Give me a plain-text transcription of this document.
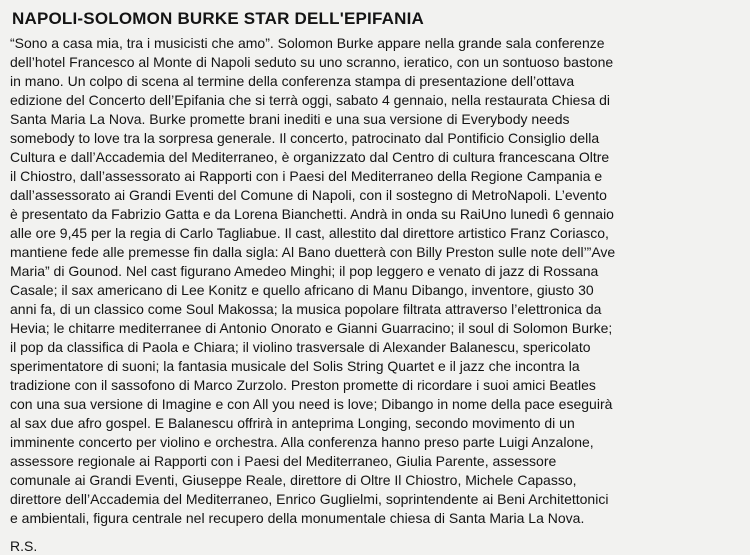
NAPOLI-SOLOMON BURKE STAR DELL'EPIFANIA
“Sono a casa mia, tra i musicisti che amo”. Solomon Burke appare nella grande sala conferenze
dell’hotel Francesco al Monte di Napoli seduto su uno scranno, ieratico, con un sontuoso bastone
in mano. Un colpo di scena al termine della conferenza stampa di presentazione dell’ottava
edizione del Concerto dell’Epifania che si terrà oggi, sabato 4 gennaio, nella restaurata Chiesa di
Santa Maria La Nova. Burke promette brani inediti e una sua versione di Everybody needs
somebody to love tra la sorpresa generale. Il concerto, patrocinato dal Pontificio Consiglio della
Cultura e dall’Accademia del Mediterraneo, è organizzato dal Centro di cultura francescana Oltre
il Chiostro, dall’assessorato ai Rapporti con i Paesi del Mediterraneo della Regione Campania e
dall’assessorato ai Grandi Eventi del Comune di Napoli, con il sostegno di MetroNapoli. L’evento
è presentato da Fabrizio Gatta e da Lorena Bianchetti. Andrà in onda su RaiUno lunedì 6 gennaio
alle ore 9,45 per la regia di Carlo Tagliabue. Il cast, allestito dal direttore artistico Franz Coriasco,
mantiene fede alle premesse fin dalla sigla: Al Bano duetterà con Billy Preston sulle note dell’”Ave
Maria” di Gounod. Nel cast figurano Amedeo Minghi; il pop leggero e venato di jazz di Rossana
Casale; il sax americano di Lee Konitz e quello africano di Manu Dibango, inventore, giusto 30
anni fa, di un classico come Soul Makossa; la musica popolare filtrata attraverso l’elettronica da
Hevia; le chitarre mediterranee di Antonio Onorato e Gianni Guarracino; il soul di Solomon Burke;
il pop da classifica di Paola e Chiara; il violino trasversale di Alexander Balanescu, spericolato
sperimentatore di suoni; la fantasia musicale del Solis String Quartet e il jazz che incontra la
tradizione con il sassofono di Marco Zurzolo. Preston promette di ricordare i suoi amici Beatles
con una sua versione di Imagine e con All you need is love; Dibango in nome della pace eseguirà
al sax due afro gospel. E Balanescu offrirà in anteprima Longing, secondo movimento di un
imminente concerto per violino e orchestra. Alla conferenza hanno preso parte Luigi Anzalone,
assessore regionale ai Rapporti con i Paesi del Mediterraneo, Giulia Parente, assessore
comunale ai Grandi Eventi, Giuseppe Reale, direttore di Oltre Il Chiostro, Michele Capasso,
direttore dell’Accademia del Mediterraneo, Enrico Guglielmi, soprintendente ai Beni Architettonici
e ambientali, figura centrale nel recupero della monumentale chiesa di Santa Maria La Nova.
R.S.
